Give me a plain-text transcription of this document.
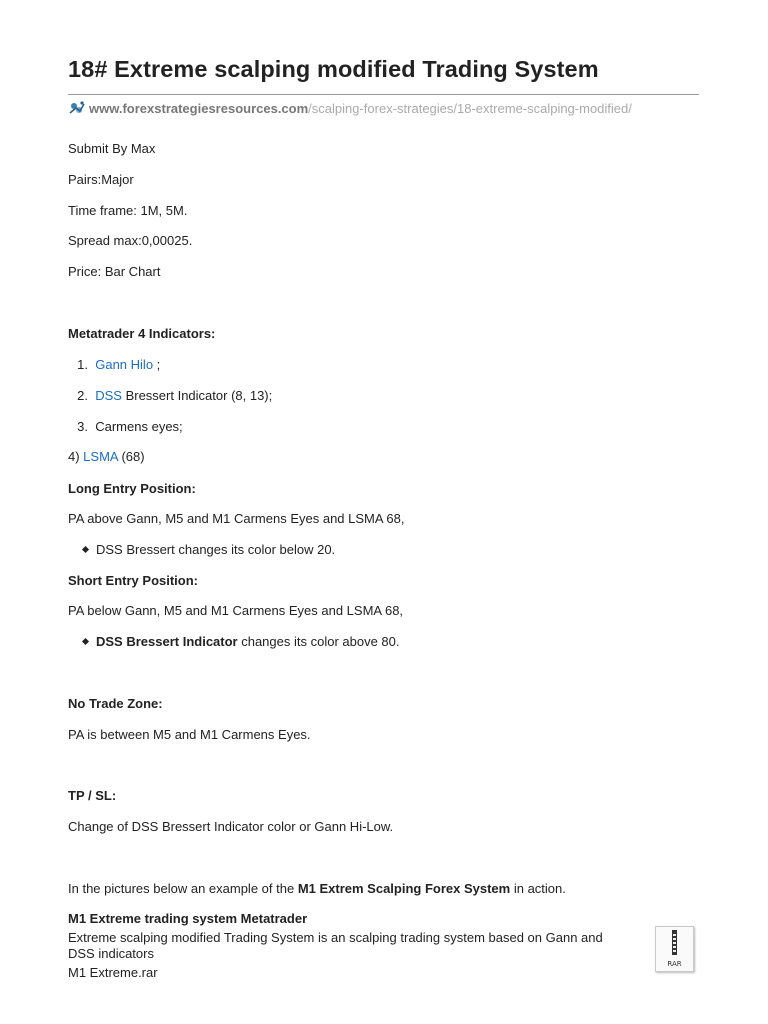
18# Extreme scalping modified Trading System
www.forexstrategiesresources.com /scalping-forex-strategies/18-extreme-scalping-modified/
Submit By Max
Pairs:Major
Time frame: 1M, 5M.
Spread max:0,00025.
Price: Bar Chart
Metatrader 4 Indicators:
1. Gann Hilo ;
2. DSS Bressert Indicator (8, 13);
3. Carmens eyes;
4) LSMA (68)
Long Entry Position:
PA above Gann, M5 and M1 Carmens Eyes and LSMA 68,
DSS Bressert changes its color below 20.
Short Entry Position:
PA below Gann, M5 and M1 Carmens Eyes and LSMA 68,
DSS Bressert Indicator changes its color above 80.
No Trade Zone:
PA is between M5 and M1 Carmens Eyes.
TP / SL:
Change of DSS Bressert Indicator color or Gann Hi-Low.
In the pictures below an example of the M1 Extrem Scalping Forex System in action.
M1 Extreme trading system Metatrader
Extreme scalping modified Trading System is an scalping trading system based on Gann and DSS indicators
M1 Extreme.rar
RAR
